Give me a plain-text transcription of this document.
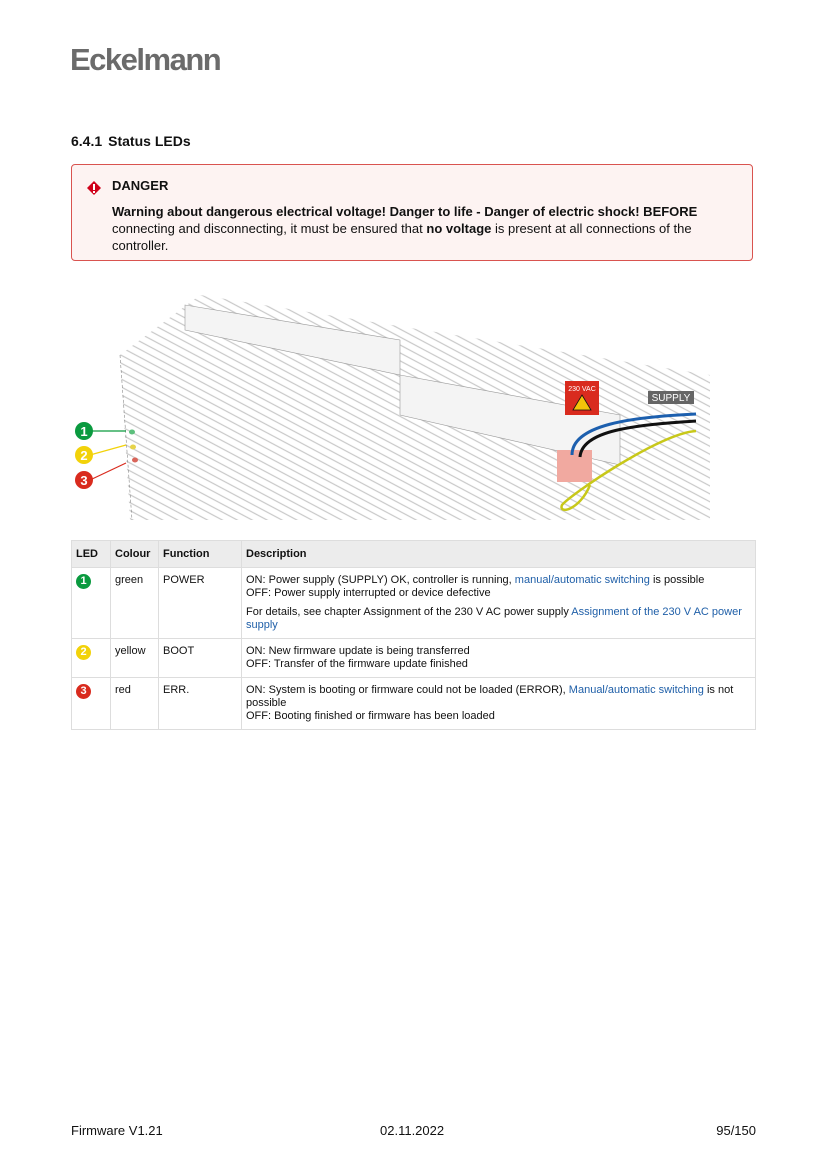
Eckelmann
6.4.1 Status LEDs
DANGER
Warning about dangerous electrical voltage! Danger to life - Danger of electric shock! BEFORE connecting and disconnecting, it must be ensured that no voltage is present at all connections of the controller.
1
2
3
230 VAC
SUPPLY
LED	Colour	Function	Description
1	green	POWER	ON: Power supply (SUPPLY) OK, controller is running, manual/automatic switching is possible
OFF: Power supply interrupted or device defective

For details, see chapter Assignment of the 230 V AC power supply Assignment of the 230 V AC power supply

2	yellow	BOOT	ON: New firmware update is being transferred
OFF: Transfer of the firmware update finished
3	red	ERR.	ON: System is booting or firmware could not be loaded (ERROR), Manual/automatic switching is not possible
OFF: Booting finished or firmware has been loaded
Firmware V1.21	02.11.2022	95/150
